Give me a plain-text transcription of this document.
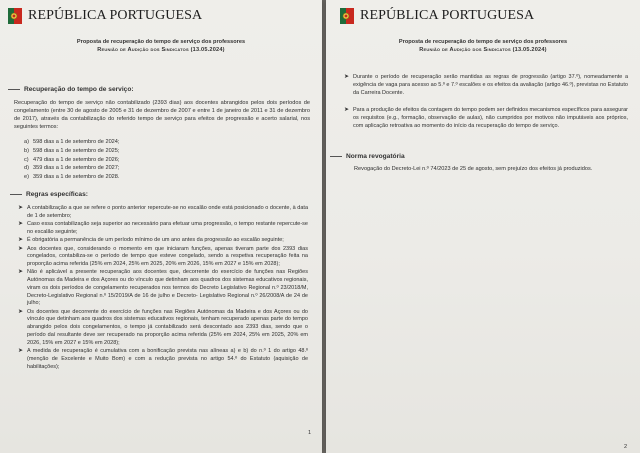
REPÚBLICA PORTUGUESA
Proposta de recuperação do tempo de serviço dos professores
Reunião de Audição dos Sindicatos (13.05.2024)
Recuperação do tempo de serviço:
Recuperação do tempo de serviço não contabilizado (2393 dias) aos docentes abrangidos pelos dois períodos de congelamento (entre 30 de agosto de 2005 e 31 de dezembro de 2007 e entre 1 de janeiro de 2011 e 31 de dezembro de 2017), através da contabilização do referido tempo de serviço para efeitos de progressão e acerto salarial, nos seguintes termos:
a) 598 dias a 1 de setembro de 2024;
b) 598 dias a 1 de setembro de 2025;
c) 479 dias a 1 de setembro de 2026;
d) 359 dias a 1 de setembro de 2027;
e) 359 dias a 1 de setembro de 2028.
Regras específicas:
➤ A contabilização a que se refere o ponto anterior repercute-se no escalão onde está posicionado o docente, à data de 1 de setembro;
➤ Caso essa contabilização seja superior ao necessário para efetuar uma progressão, o tempo restante repercute-se no escalão seguinte;
➤ É obrigatória a permanência de um período mínimo de um ano antes da progressão ao escalão seguinte;
➤ Aos docentes que, considerando o momento em que iniciaram funções, apenas tiveram parte dos 2393 dias congelados, contabiliza-se o período de tempo que esteve congelado, sendo a respetiva recuperação feita na proporção acima referida (25% em 2024, 25% em 2025, 20% em 2026, 15% em 2027 e 15% em 2028);
➤ Não é aplicável a presente recuperação aos docentes que, decorrente do exercício de funções nas Regiões Autónomas da Madeira e dos Açores ou do vínculo que detinham aos quadros dos sistemas educativos regionais, viram os dois períodos de congelamento recuperados nos termos do Decreto Legislativo Regional n.º 23/2018/M, Decreto-Legislativo Regional n.º 15/2019/A de 16 de julho e Decreto- Legislativo Regional n.º 26/2008/A de 24 de julho;
➤ Os docentes que decorrente do exercício de funções nas Regiões Autónomas da Madeira e dos Açores ou do vínculo que detinham aos quadros dos sistemas educativos regionais, tenham recuperado apenas parte do tempo abrangido pelos dois congelamentos, o tempo já contabilizado será descontado aos 2393 dias, sendo que o período daí resultante deve ser recuperado na proporção acima referida (25% em 2024, 25% em 2025, 20% em 2026, 15% em 2027 e 15% em 2028);
➤ A medida de recuperação é cumulativa com a bonificação prevista nas alíneas a) e b) do n.º 1 do artigo 48.º (menção de Excelente e Muito Bom) e com a redução prevista no artigo 54.º do Estatuto (aquisição de habilitações);
1
REPÚBLICA PORTUGUESA
Proposta de recuperação do tempo de serviço dos professores
Reunião de Audição dos Sindicatos (13.05.2024)
➤ Durante o período de recuperação serão mantidas as regras de progressão (artigo 37.º), nomeadamente a exigência de vaga para acesso ao 5.º e 7.º escalões e os efeitos da avaliação (artigo 46.º), previstas no Estatuto da Carreira Docente.
➤ Para a produção de efeitos da contagem do tempo podem ser definidos mecanismos específicos para assegurar os requisitos (e.g., formação, observação de aulas), não cumpridos por motivos não imputáveis aos próprios, com aplicação retroativa ao momento do início da recuperação do tempo de serviço.
Norma revogatória
Revogação do Decreto-Lei n.º 74/2023 de 25 de agosto, sem prejuízo dos efeitos já produzidos.
2
